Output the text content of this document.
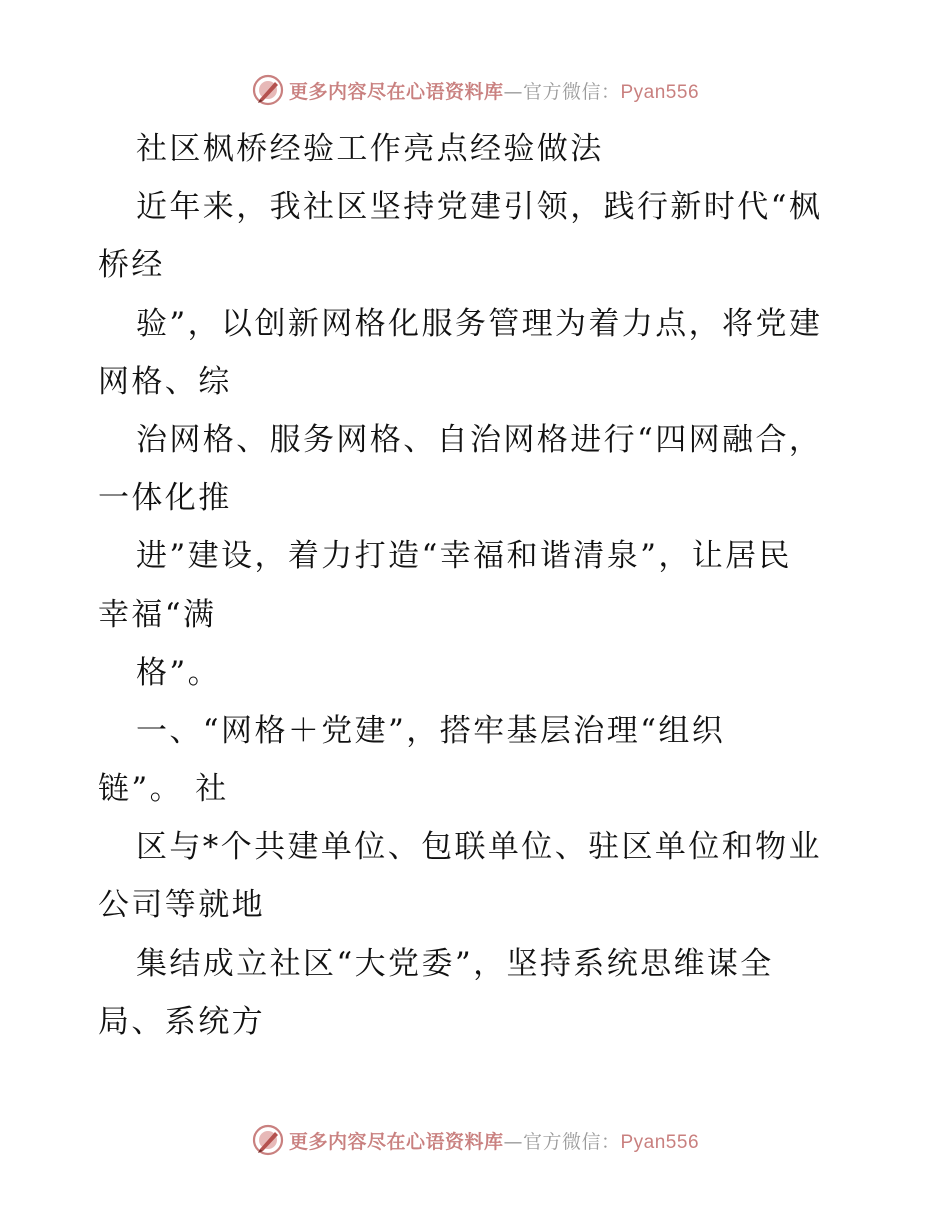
更多内容尽在心语资料库—官方微信：Pyan556
社区枫桥经验工作亮点经验做法
近年来，我社区坚持党建引领，践行新时代“枫
桥经
验”，以创新网格化服务管理为着力点，将党建
网格、综
治网格、服务网格、自治网格进行“四网融合，
一体化推
进”建设，着力打造“幸福和谐清泉”，让居民
幸福“满
格”。
一、“网格＋党建”，搭牢基层治理“组织
链”。 社
区与*个共建单位、包联单位、驻区单位和物业
公司等就地
集结成立社区“大党委”，坚持系统思维谋全
局、系统方
更多内容尽在心语资料库—官方微信：Pyan556
